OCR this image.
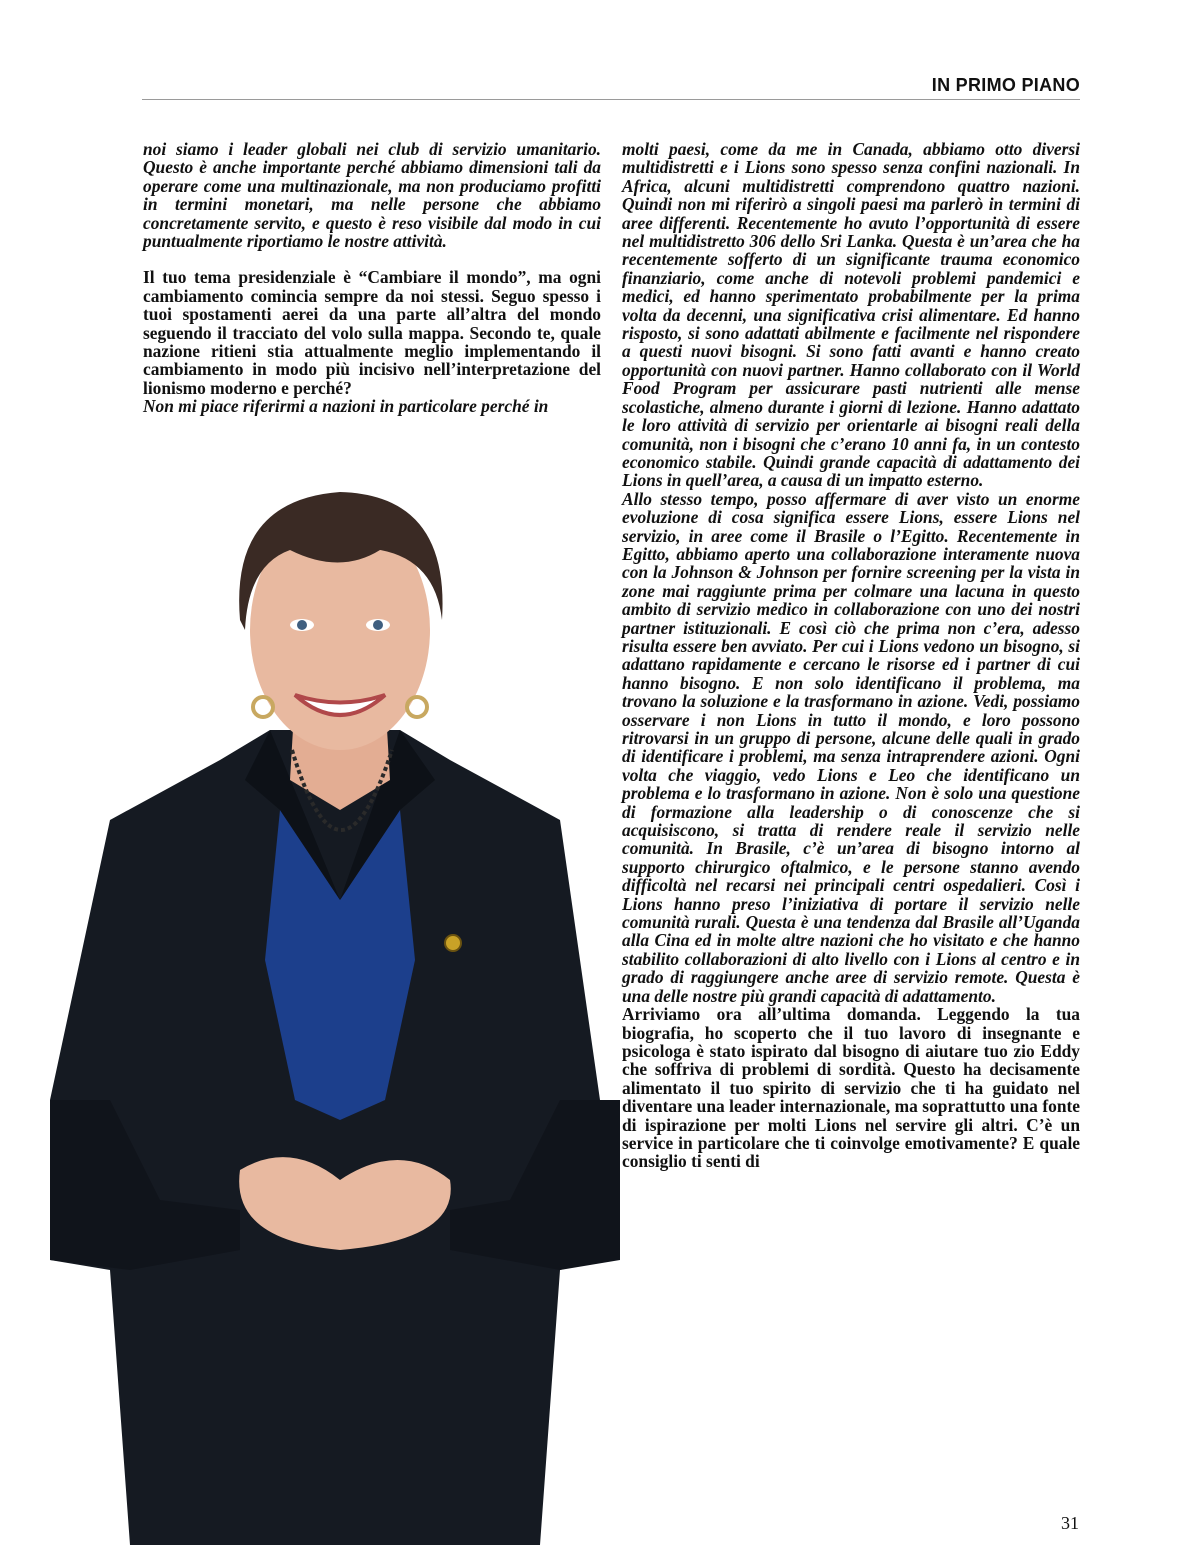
IN PRIMO PIANO

noi siamo i leader globali nei club di servizio umanitario. Questo è anche importante perché abbiamo dimensioni tali da operare come una multinazionale, ma non produciamo profitti in termini monetari, ma nelle persone che abbiamo concretamente servito, e questo è reso visibile dal modo in cui puntualmente riportiamo le nostre attività.

Il tuo tema presidenziale è “Cambiare il mondo”, ma ogni cambiamento comincia sempre da noi stessi. Seguo spesso i tuoi spostamenti aerei da una parte all’altra del mondo seguendo il tracciato del volo sulla mappa. Secondo te, quale nazione ritieni stia attualmente meglio implementando il cambiamento in modo più incisivo nell’interpretazione del lionismo moderno e perché?

Non mi piace riferirmi a nazioni in particolare perché in

molti paesi, come da me in Canada, abbiamo otto diversi multidistretti e i Lions sono spesso senza confini nazionali. In Africa, alcuni multidistretti comprendono quattro nazioni. Quindi non mi riferirò a singoli paesi ma parlerò in termini di aree differenti. Recentemente ho avuto l’opportunità di essere nel multidistretto 306 dello Sri Lanka. Questa è un’area che ha recentemente sofferto di un significante trauma economico finanziario, come anche di notevoli problemi pandemici e medici, ed hanno sperimentato probabilmente per la prima volta da decenni, una significativa crisi alimentare. Ed hanno risposto, si sono adattati abilmente e facilmente nel rispondere a questi nuovi bisogni. Si sono fatti avanti e hanno creato opportunità con nuovi partner. Hanno collaborato con il World Food Program per assicurare pasti nutrienti alle mense scolastiche, almeno durante i giorni di lezione. Hanno adattato le loro attività di servizio per orientarle ai bisogni reali della comunità, non i bisogni che c’erano 10 anni fa, in un contesto economico stabile. Quindi grande capacità di adattamento dei Lions in quell’area, a causa di un impatto esterno.

Allo stesso tempo, posso affermare di aver visto un enorme evoluzione di cosa significa essere Lions, essere Lions nel servizio, in aree come il Brasile o l’Egitto. Recentemente in Egitto, abbiamo aperto una collaborazione interamente nuova con la Johnson & Johnson per fornire screening per la vista in zone mai raggiunte prima per colmare una lacuna in questo ambito di servizio medico in collaborazione con uno dei nostri partner istituzionali. E così ciò che prima non c’era, adesso risulta essere ben avviato. Per cui i Lions vedono un bisogno, si adattano rapidamente e cercano le risorse ed i partner di cui hanno bisogno. E non solo identificano il problema, ma trovano la soluzione e la trasformano in azione. Vedi, possiamo osservare i non Lions in tutto il mondo, e loro possono ritrovarsi in un gruppo di persone, alcune delle quali in grado di identificare i problemi, ma senza intraprendere azioni. Ogni volta che viaggio, vedo Lions e Leo che identificano un problema e lo trasformano in azione. Non è solo una questione di formazione alla leadership o di conoscenze che si acquisiscono, si tratta di rendere reale il servizio nelle comunità. In Brasile, c’è un’area di bisogno intorno al supporto chirurgico oftalmico, e le persone stanno avendo difficoltà nel recarsi nei principali centri ospedalieri. Così i Lions hanno preso l’iniziativa di portare il servizio nelle comunità rurali. Questa è una tendenza dal Brasile all’Uganda alla Cina ed in molte altre nazioni che ho visitato e che hanno stabilito collaborazioni di alto livello con i Lions al centro e in grado di raggiungere anche aree di servizio remote. Questa è una delle nostre più grandi capacità di adattamento.

Arriviamo ora all’ultima domanda. Leggendo la tua biografia, ho scoperto che il tuo lavoro di insegnante e psicologa è stato ispirato dal bisogno di aiutare tuo zio Eddy che soffriva di problemi di sordità. Questo ha decisamente alimentato il tuo spirito di servizio che ti ha guidato nel diventare una leader internazionale, ma soprattutto una fonte di ispirazione per molti Lions nel servire gli altri. C’è un service in particolare che ti coinvolge emotivamente? E quale consiglio ti senti di

31
